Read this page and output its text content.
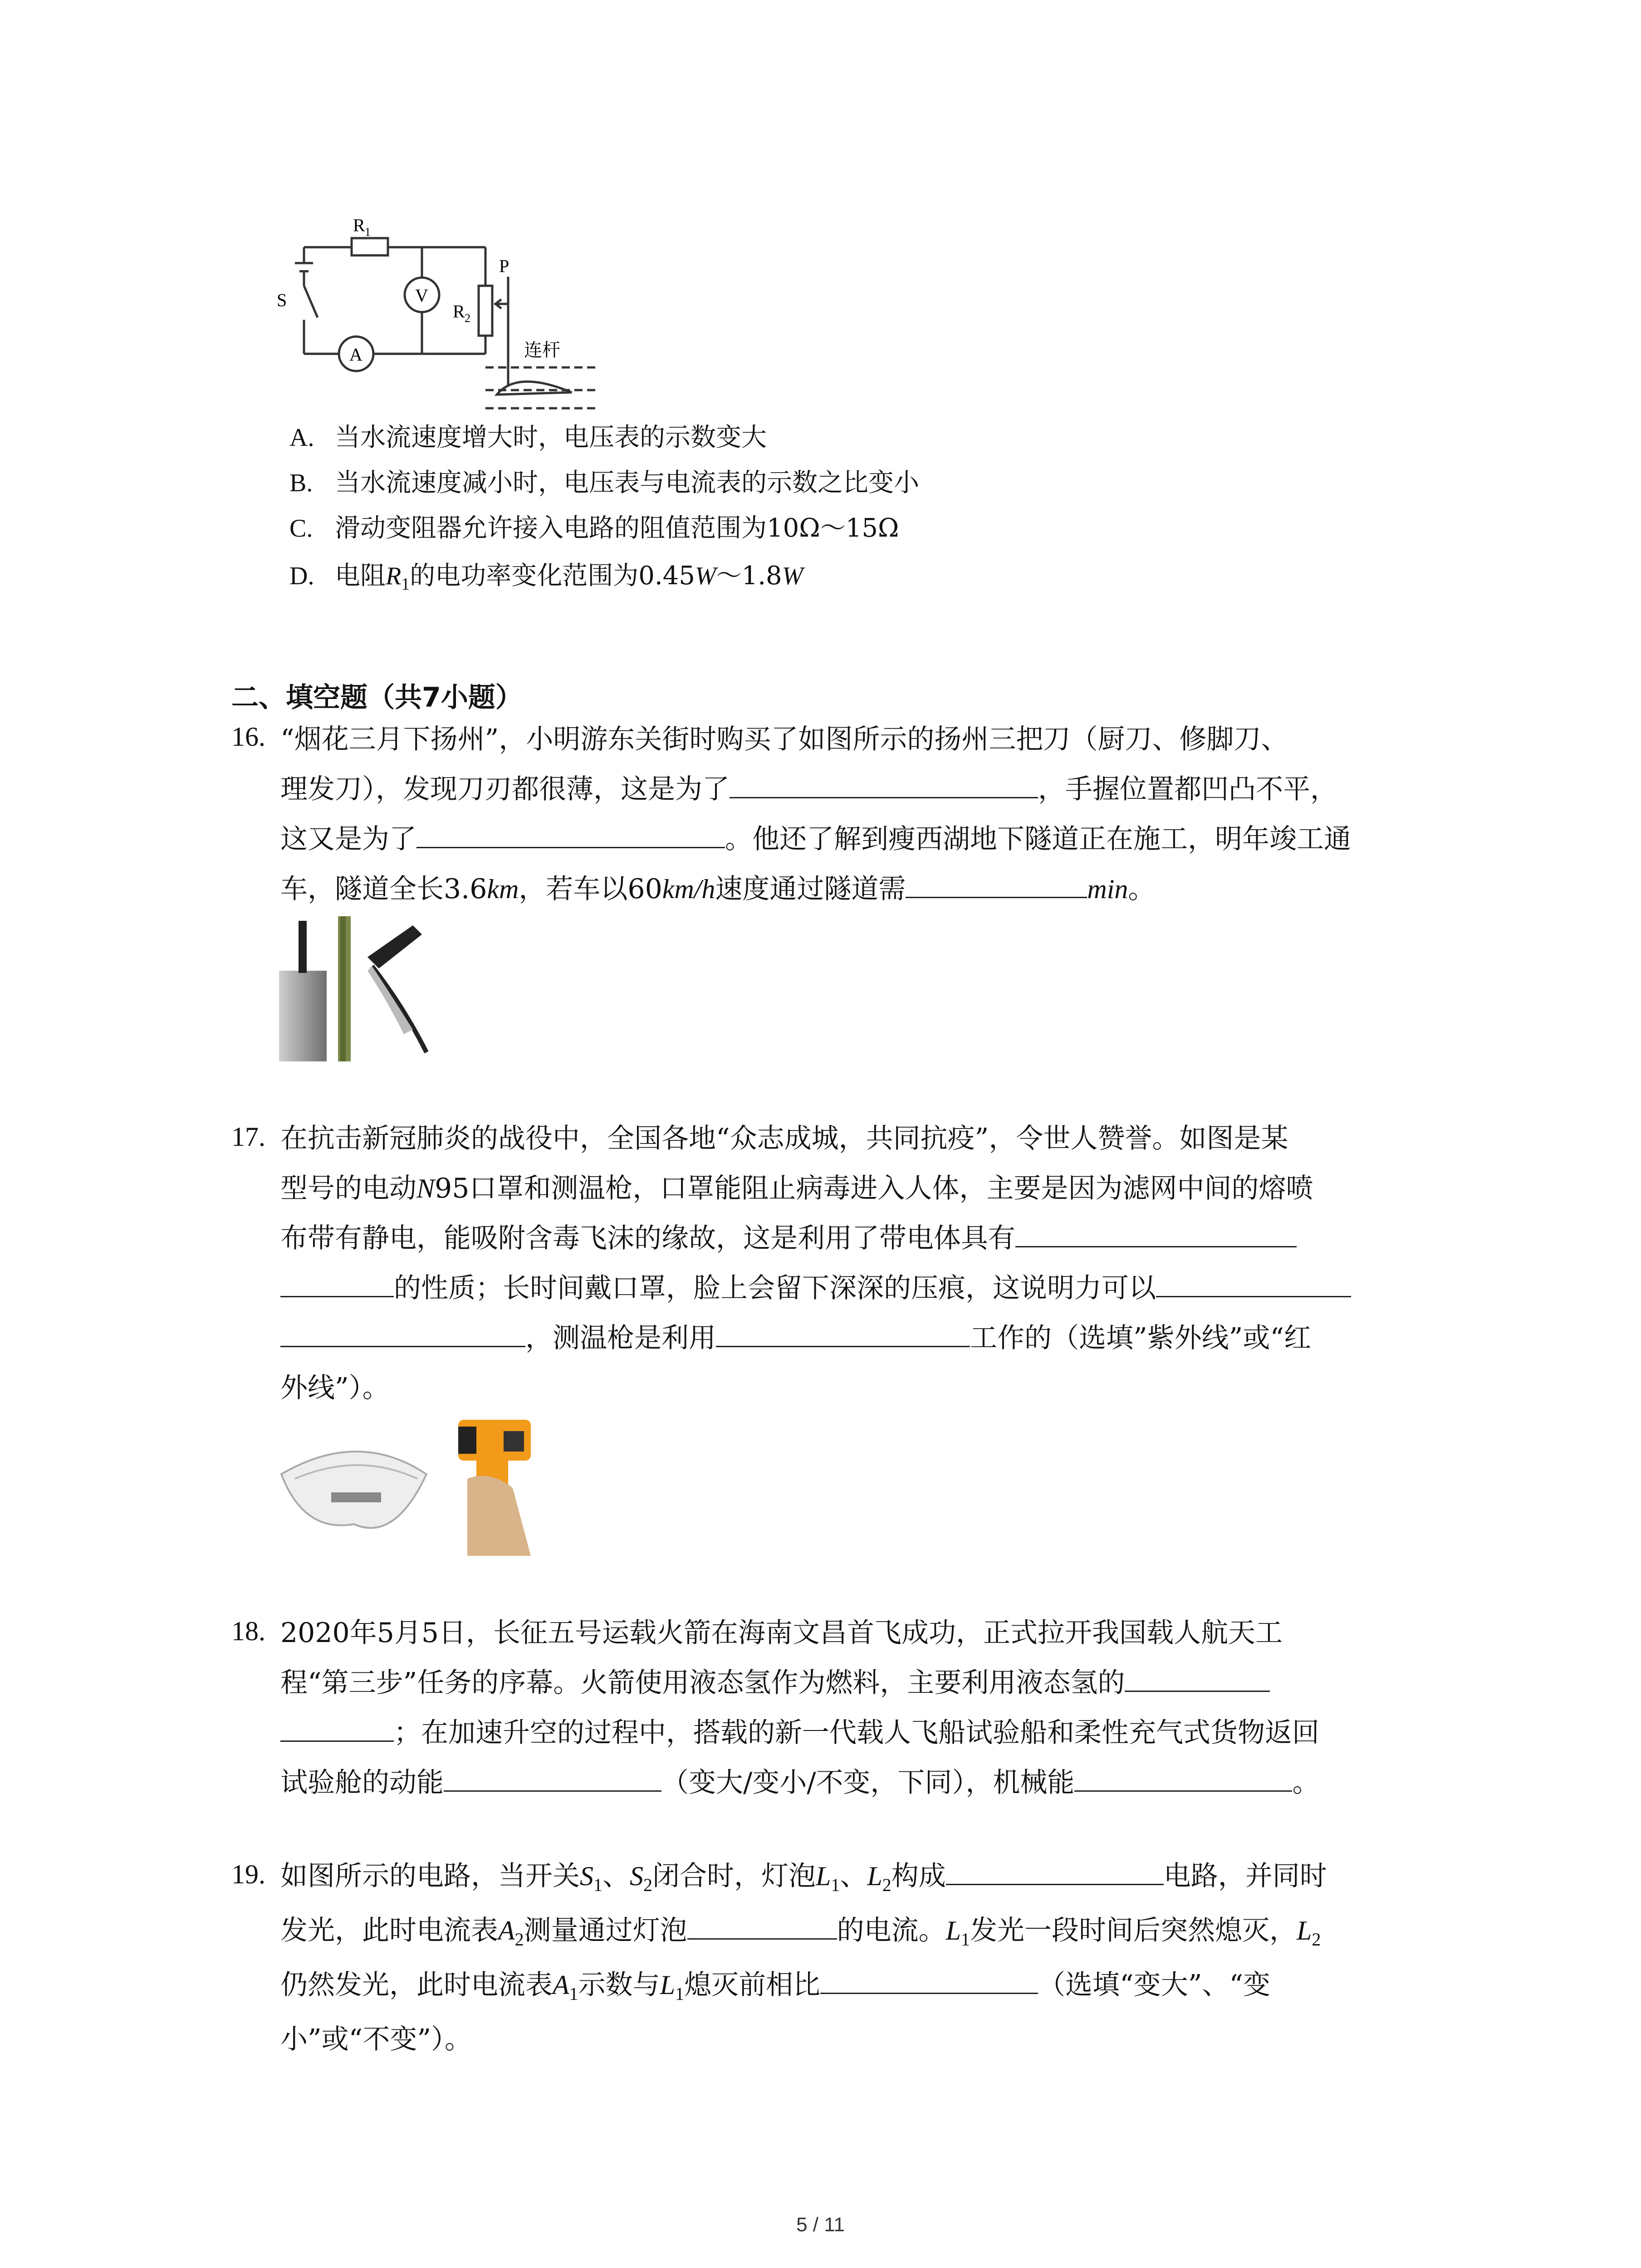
R 1
R 2
P
S	V
A	连杆
A. 当水流速度增大时，电压表的示数变大
B. 当水流速度减小时，电压表与电流表的示数之比变小
C. 滑动变阻器允许接入电路的阻值范围为10Ω～15Ω
D. 电阻$R_1$的电功率变化范围为0.45W～1.8W
二、填空题（共7小题）
16. “烟花三月下扬州”，小明游东关街时购买了如图所示的扬州三把刀（厨刀、修脚刀、
理发刀），发现刀刃都很薄，这是为了	，手握位置都凹凸不平，
这又是为了	。他还了解到瘦西湖地下隧道正在施工，明年竣工通
车，隧道全长3.6km，若车以60km/h速度通过隧道需	min。
17. 在抗击新冠肺炎的战役中，全国各地“众志成城，共同抗疫”，令世人赞誉。如图是某
型号的电动N95口罩和测温枪，口罩能阻止病毒进入人体，主要是因为滤网中间的熔喷
布带有静电，能吸附含毒飞沫的缘故，这是利用了带电体具有
的性质；长时间戴口罩，脸上会留下深深的压痕，这说明力可以
，测温枪是利用	工作的（选填”紫外线”或“红
外线”）。
18. 2020年5月5日，长征五号运载火箭在海南文昌首飞成功，正式拉开我国载人航天工
程“第三步”任务的序幕。火箭使用液态氢作为燃料，主要利用液态氢的
；在加速升空的过程中，搭载的新一代载人飞船试验船和柔性充气式货物返回
试验舱的动能	（变大/变小/不变，下同），机械能	。
19. 如图所示的电路，当开关$S_1$、$S_2$闭合时，灯泡$L_1$、$L_2$构成	电路，并同时
发光，此时电流表$A_2$测量通过灯泡	的电流。$L_1$发光一段时间后突然熄灭，$L_2$
仍然发光，此时电流表$A_1$示数与$L_1$熄灭前相比	（选填“变大”、“变
小”或“不变”）。
5 / 11
